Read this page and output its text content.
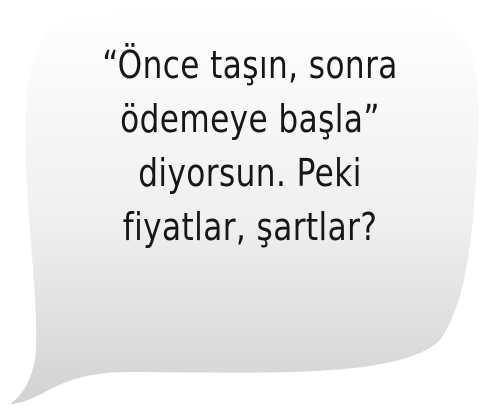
“Önce taşın, sonra
ödemeye başla”
diyorsun. Peki
fiyatlar, şartlar?
